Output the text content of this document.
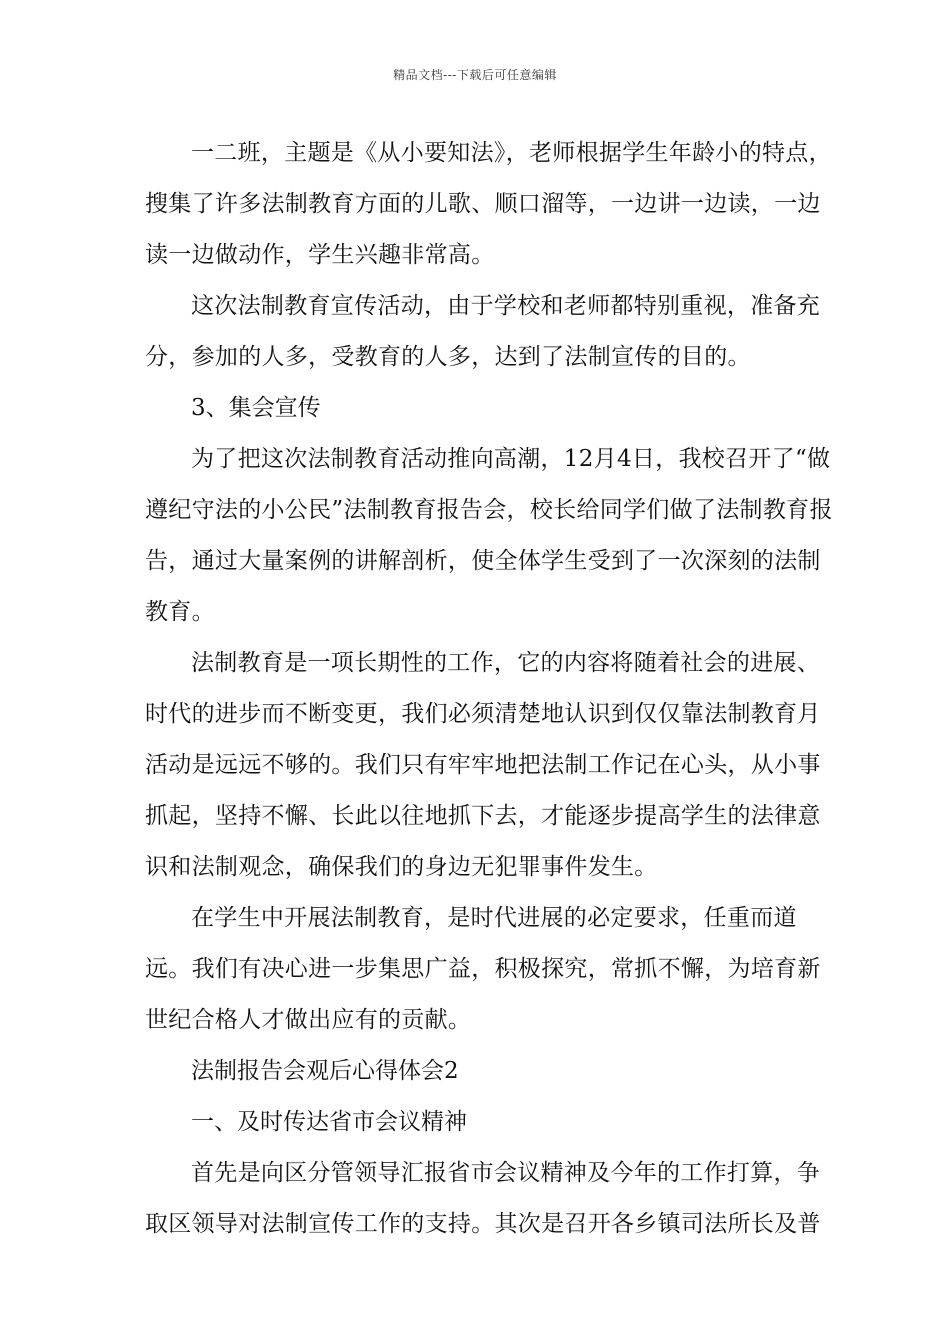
精品文档---下载后可任意编辑

一二班，主题是《从小要知法》，老师根据学生年龄小的特点，搜集了许多法制教育方面的儿歌、顺口溜等，一边讲一边读，一边读一边做动作，学生兴趣非常高。

这次法制教育宣传活动，由于学校和老师都特别重视，准备充分，参加的人多，受教育的人多，达到了法制宣传的目的。

3、集会宣传

为了把这次法制教育活动推向高潮，12月4日，我校召开了“做遵纪守法的小公民”法制教育报告会，校长给同学们做了法制教育报告，通过大量案例的讲解剖析，使全体学生受到了一次深刻的法制教育。

法制教育是一项长期性的工作，它的内容将随着社会的进展、时代的进步而不断变更，我们必须清楚地认识到仅仅靠法制教育月活动是远远不够的。我们只有牢牢地把法制工作记在心头，从小事抓起，坚持不懈、长此以往地抓下去，才能逐步提高学生的法律意识和法制观念，确保我们的身边无犯罪事件发生。

在学生中开展法制教育，是时代进展的必定要求，任重而道远。我们有决心进一步集思广益，积极探究，常抓不懈，为培育新世纪合格人才做出应有的贡献。

法制报告会观后心得体会2

一、及时传达省市会议精神

首先是向区分管领导汇报省市会议精神及今年的工作打算，争取区领导对法制宣传工作的支持。其次是召开各乡镇司法所长及普
